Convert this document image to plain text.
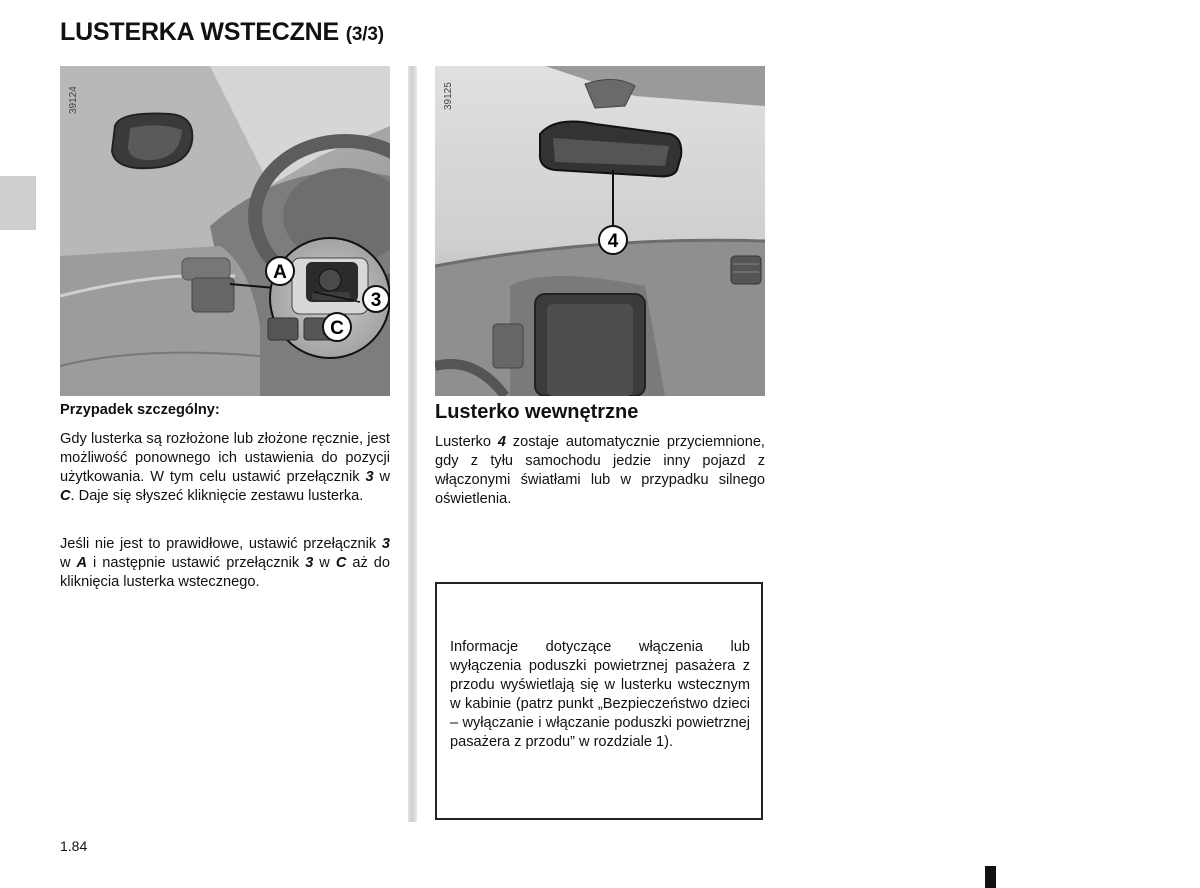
LUSTERKA WSTECZNE (3/3)
A
3
C
39124
4
39125
Przypadek szczególny:

Gdy lusterka są rozłożone lub złożone ręcznie, jest możliwość ponownego ich ustawienia do pozycji użytkowania. W tym celu ustawić przełącznik 3 w C. Daje się słyszeć kliknięcie zestawu lusterka.

Jeśli nie jest to prawidłowe, ustawić przełącznik 3 w A i następnie ustawić przełącznik 3 w C aż do kliknięcia lusterka wstecznego.

Lusterko wewnętrzne

Lusterko 4 zostaje automatycznie przyciemnione, gdy z tyłu samochodu jedzie inny pojazd z włączonymi światłami lub w przypadku silnego oświetlenia.

Informacje dotyczące włączenia lub wyłączenia poduszki powietrznej pasażera z przodu wyświetlają się w lusterku wstecznym w kabinie (patrz punkt „Bezpieczeństwo dzieci – wyłączanie i włączanie poduszki powietrznej pasażera z przodu” w rozdziale 1).

1.84
